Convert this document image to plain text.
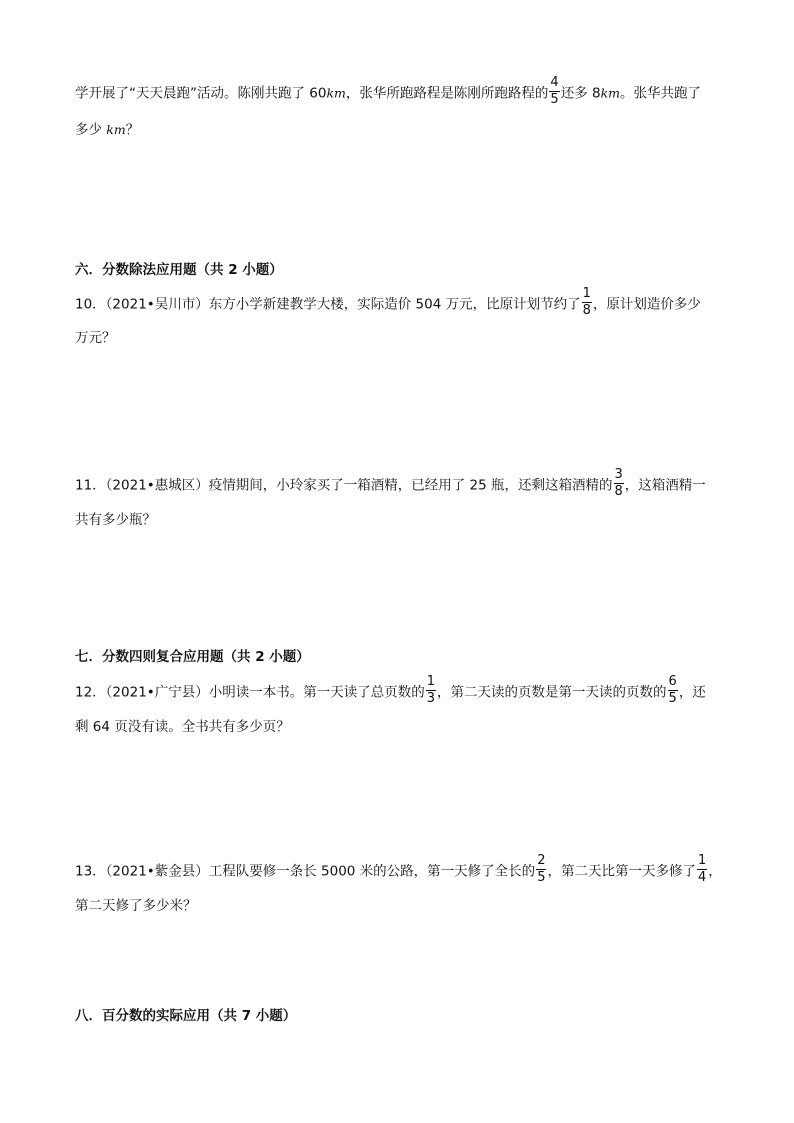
学开展了“天天晨跑”活动。陈刚共跑了 60km，张华所跑路程是陈刚所跑路程的 $\frac{4}{5}$ 还多 8km。张华共跑了
多少 km？
六．分数除法应用题（共 2 小题）
10．（2021•吴川市）东方小学新建教学大楼，实际造价 504 万元，比原计划节约了 $\frac{1}{8}$ ，原计划造价多少
万元？
11．（2021•惠城区）疫情期间，小玲家买了一箱酒精，已经用了 25 瓶，还剩这箱酒精的 $\frac{3}{8}$ ，这箱酒精一
共有多少瓶？
七．分数四则复合应用题（共 2 小题）
12．（2021•广宁县）小明读一本书。第一天读了总页数的 $\frac{1}{3}$ ，第二天读的页数是第一天读的页数的 $\frac{6}{5}$ ，还
剩 64 页没有读。全书共有多少页？
13．（2021•紫金县）工程队要修一条长 5000 米的公路，第一天修了全长的 $\frac{2}{5}$ ，第二天比第一天多修了 $\frac{1}{4}$ ，
第二天修了多少米？
八．百分数的实际应用（共 7 小题）
